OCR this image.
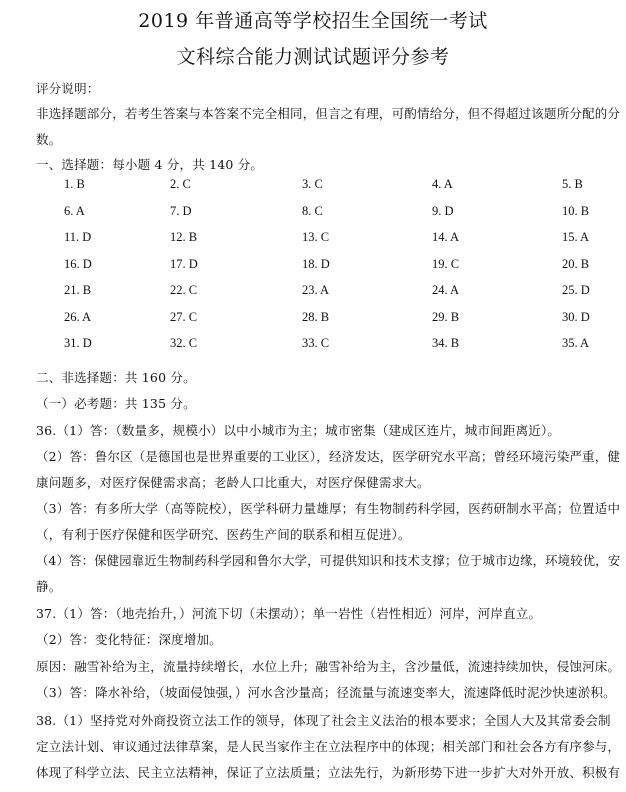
2019 年普通高等学校招生全国统一考试
文科综合能力测试试题评分参考
评分说明：
非选择题部分，若考生答案与本答案不完全相同，但言之有理，可酌情给分，但不得超过该题所分配的分
数。
一、选择题：每小题 4 分，共 140 分。
1. B	2. C	3. C	4. A	5. B
6. A	7. D	8. C	9. D	10. B
11. D	12. B	13. C	14. A	15. A
16. D	17. D	18. D	19. C	20. B
21. B	22. C	23. A	24. A	25. D
26. A	27. C	28. B	29. B	30. D
31. D	32. C	33. C	34. B	35. A
二、非选择题：共 160 分。
（一）必考题：共 135 分。
36.（1）答：（数量多，规模小）以中小城市为主；城市密集（建成区连片，城市间距离近）。
（2）答：鲁尔区（是德国也是世界重要的工业区），经济发达，医学研究水平高；曾经环境污染严重，健
康问题多，对医疗保健需求高；老龄人口比重大，对医疗保健需求大。
（3）答：有多所大学（高等院校），医学科研力量雄厚；有生物制药科学园，医药研制水平高；位置适中
（，有利于医疗保健和医学研究、医药生产间的联系和相互促进）。
（4）答：保健园靠近生物制药科学园和鲁尔大学，可提供知识和技术支撑；位于城市边缘，环境较优，安
静。
37.（1）答：（地壳抬升，）河流下切（未摆动）；单一岩性（岩性相近）河岸，河岸直立。
（2）答：变化特征：深度增加。
原因：融雪补给为主，流量持续增长，水位上升；融雪补给为主，含沙量低，流速持续加快，侵蚀河床。
（3）答：降水补给，（坡面侵蚀强，）河水含沙量高；径流量与流速变率大，流速降低时泥沙快速淤积。
38.（1）坚持党对外商投资立法工作的领导，体现了社会主义法治的根本要求；全国人大及其常委会制
定立法计划、审议通过法律草案，是人民当家作主在立法程序中的体现；相关部门和社会各方有序参与，
体现了科学立法、民主立法精神，保证了立法质量；立法先行，为新形势下进一步扩大对外开放、积极有
